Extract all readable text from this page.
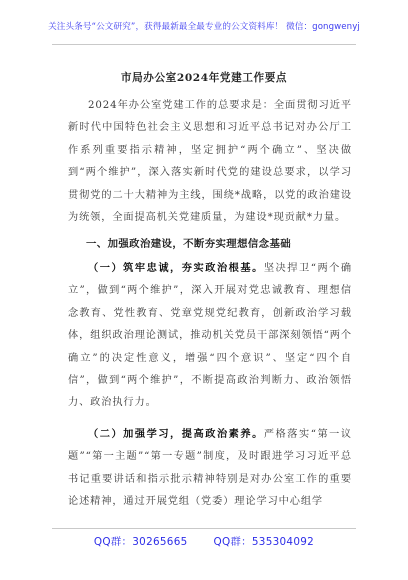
关注头条号“公文研究”，获得最新最全最专业的公文资料库！ 微信：gongwenyj
市局办公室2024年党建工作要点
2024年办公室党建工作的总要求是：全面贯彻习近平新时代中国特色社会主义思想和习近平总书记对办公厅工作系列重要指示精神，坚定拥护“两个确立”、坚决做到“两个维护”，深入落实新时代党的建设总要求，以学习贯彻党的二十大精神为主线，围绕*战略，以党的政治建设为统领，全面提高机关党建质量，为建设*现贡献*力量。
一、加强政治建设，不断夯实理想信念基础
（一）筑牢忠诚，夯实政治根基。坚决捍卫“两个确立”，做到“两个维护”，深入开展对党忠诚教育、理想信念教育、党性教育、党章党规党纪教育，创新政治学习载体，组织政治理论测试，推动机关党员干部深刻领悟“两个确立”的决定性意义，增强“四个意识”、坚定“四个自信”，做到“两个维护”，不断提高政治判断力、政治领悟力、政治执行力。
（二）加强学习，提高政治素养。严格落实“第一议题”“第一主题”“第一专题”制度，及时跟进学习习近平总书记重要讲话和指示批示精神特别是对办公室工作的重要论述精神，通过开展党组（党委）理论学习中心组学
QQ群：30265665	QQ群：535304092
